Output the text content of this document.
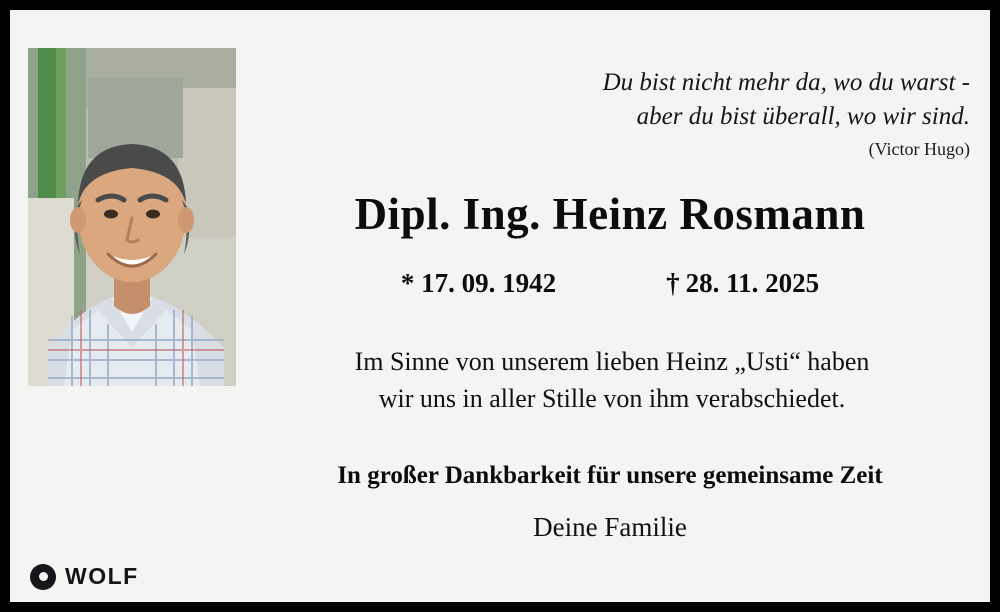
Du bist nicht mehr da, wo du warst -
aber du bist überall, wo wir sind.
(Victor Hugo)
Dipl. Ing. Heinz Rosmann
* 17. 09. 1942	† 28. 11. 2025
Im Sinne von unserem lieben Heinz „Usti“ haben
wir uns in aller Stille von ihm verabschiedet.
In großer Dankbarkeit für unsere gemeinsame Zeit
Deine Familie
WOLF
